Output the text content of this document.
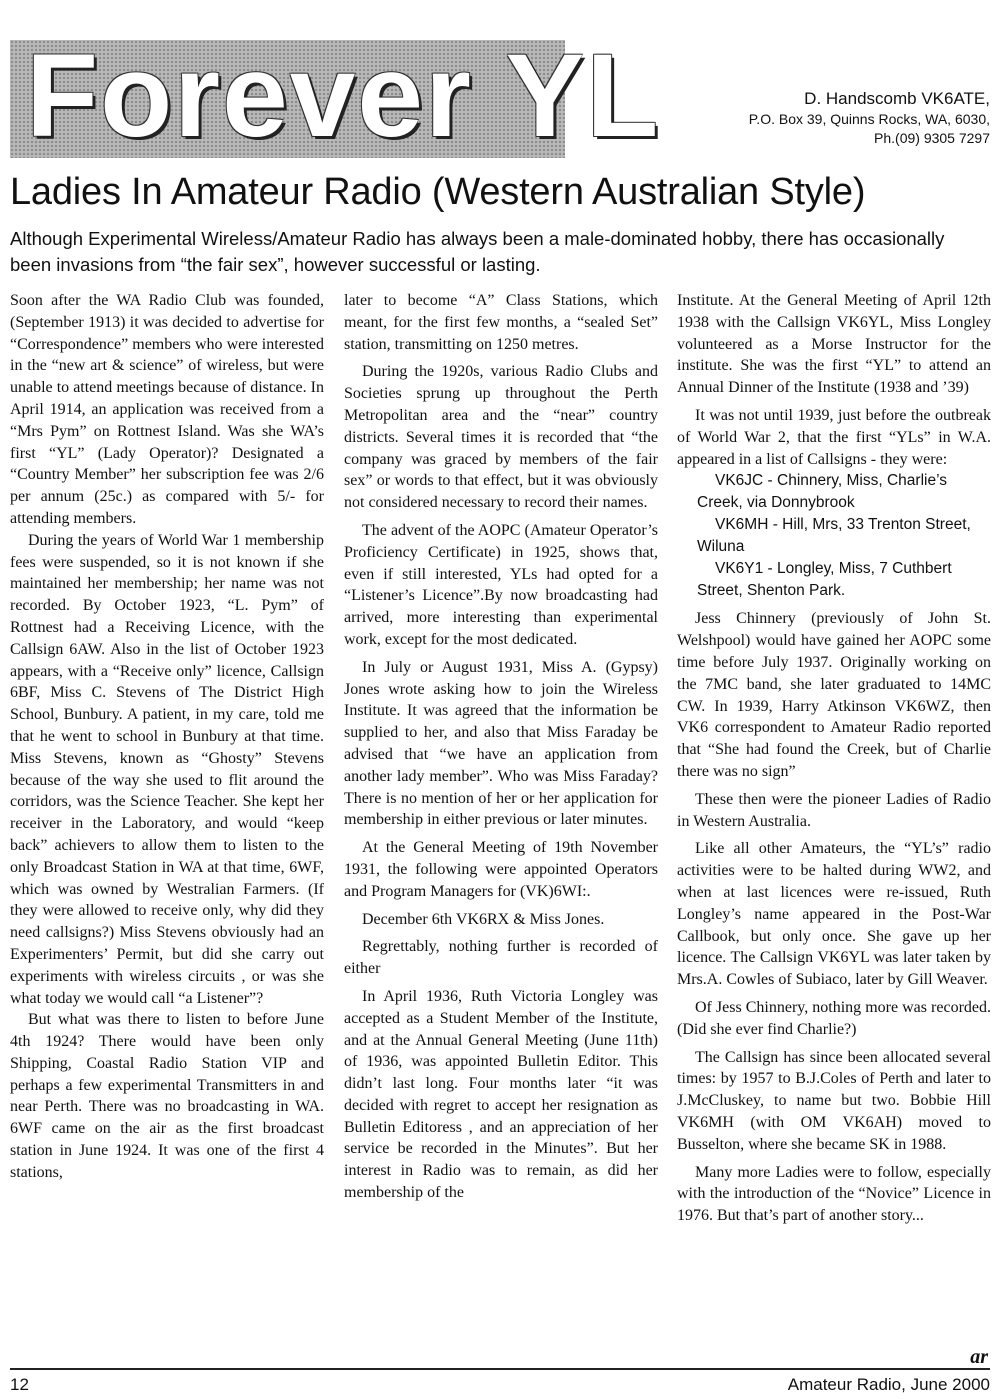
Forever YL	D. Handscomb VK6ATE,
P.O. Box 39, Quinns Rocks, WA, 6030,
Ph.(09) 9305 7297
Ladies In Amateur Radio (Western Australian Style)
Although Experimental Wireless/Amateur Radio has always been a male-dominated hobby, there has occasionally been invasions from “the fair sex”, however successful or lasting.

Soon after the WA Radio Club was founded, (September 1913) it was decided to advertise for “Correspondence” members who were interested in the “new art & science” of wireless, but were unable to attend meetings because of distance. In April 1914, an application was received from a “Mrs Pym” on Rottnest Island. Was she WA’s first “YL” (Lady Operator)? Designated a “Country Member” her subscription fee was 2/6 per annum (25c.) as compared with 5/- for attending members.

During the years of World War 1 membership fees were suspended, so it is not known if she maintained her membership; her name was not recorded. By October 1923, “L. Pym” of Rottnest had a Receiving Licence, with the Callsign 6AW. Also in the list of October 1923 appears, with a “Receive only” licence, Callsign 6BF, Miss C. Stevens of The District High School, Bunbury. A patient, in my care, told me that he went to school in Bunbury at that time. Miss Stevens, known as “Ghosty” Stevens because of the way she used to flit around the corridors, was the Science Teacher. She kept her receiver in the Laboratory, and would “keep back” achievers to allow them to listen to the only Broadcast Station in WA at that time, 6WF, which was owned by Westralian Farmers. (If they were allowed to receive only, why did they need callsigns?) Miss Stevens obviously had an Experimenters’ Permit, but did she carry out experiments with wireless circuits , or was she what today we would call “a Listener”?

But what was there to listen to before June 4th 1924? There would have been only Shipping, Coastal Radio Station VIP and perhaps a few experimental Transmitters in and near Perth. There was no broadcasting in WA. 6WF came on the air as the first broadcast station in June 1924. It was one of the first 4 stations,

later to become “A” Class Stations, which meant, for the first few months, a “sealed Set” station, transmitting on 1250 metres.

During the 1920s, various Radio Clubs and Societies sprung up throughout the Perth Metropolitan area and the “near” country districts. Several times it is recorded that “the company was graced by members of the fair sex” or words to that effect, but it was obviously not considered necessary to record their names.

The advent of the AOPC (Amateur Operator’s Proficiency Certificate) in 1925, shows that, even if still interested, YLs had opted for a “Listener’s Licence”.By now broadcasting had arrived, more interesting than experimental work, except for the most dedicated.

In July or August 1931, Miss A. (Gypsy) Jones wrote asking how to join the Wireless Institute. It was agreed that the information be supplied to her, and also that Miss Faraday be advised that “we have an application from another lady member”. Who was Miss Faraday? There is no mention of her or her application for membership in either previous or later minutes.

At the General Meeting of 19th November 1931, the following were appointed Operators and Program Managers for (VK)6WI:.

December 6th VK6RX & Miss Jones.

Regrettably, nothing further is recorded of either

In April 1936, Ruth Victoria Longley was accepted as a Student Member of the Institute, and at the Annual General Meeting (June 11th) of 1936, was appointed Bulletin Editor. This didn’t last long. Four months later “it was decided with regret to accept her resignation as Bulletin Editoress , and an appreciation of her service be recorded in the Minutes”. But her interest in Radio was to remain, as did her membership of the

Institute. At the General Meeting of April 12th 1938 with the Callsign VK6YL, Miss Longley volunteered as a Morse Instructor for the institute. She was the first “YL” to attend an Annual Dinner of the Institute (1938 and ’39)

It was not until 1939, just before the outbreak of World War 2, that the first “YLs” in W.A. appeared in a list of Callsigns - they were:

VK6JC - Chinnery, Miss, Charlie’s Creek, via Donnybrook

VK6MH - Hill, Mrs, 33 Trenton Street, Wiluna

VK6Y1 - Longley, Miss, 7 Cuthbert Street, Shenton Park.

Jess Chinnery (previously of John St. Welshpool) would have gained her AOPC some time before July 1937. Originally working on the 7MC band, she later graduated to 14MC CW. In 1939, Harry Atkinson VK6WZ, then VK6 correspondent to Amateur Radio reported that “She had found the Creek, but of Charlie there was no sign”

These then were the pioneer Ladies of Radio in Western Australia.

Like all other Amateurs, the “YL’s” radio activities were to be halted during WW2, and when at last licences were re-issued, Ruth Longley’s name appeared in the Post-War Callbook, but only once. She gave up her licence. The Callsign VK6YL was later taken by Mrs.A. Cowles of Subiaco, later by Gill Weaver.

Of Jess Chinnery, nothing more was recorded. (Did she ever find Charlie?)

The Callsign has since been allocated several times: by 1957 to B.J.Coles of Perth and later to J.McCluskey, to name but two. Bobbie Hill VK6MH (with OM VK6AH) moved to Busselton, where she became SK in 1988.

Many more Ladies were to follow, especially with the introduction of the “Novice” Licence in 1976. But that’s part of another story...

ar
12	Amateur Radio, June 2000
